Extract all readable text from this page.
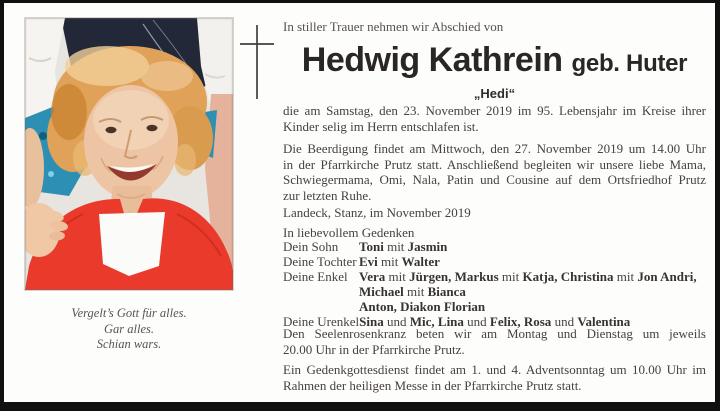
Vergelt’s Gott für alles.
Gar alles.
Schian wars.
In stiller Trauer nehmen wir Abschied von
Hedwig Kathrein geb. Huter
„Hedi“
die am Samstag, den 23. November 2019 im 95. Lebensjahr im Kreise ihrer
Kinder selig im Herrn entschlafen ist.
Die Beerdigung findet am Mittwoch, den 27. November 2019 um 14.00 Uhr
in der Pfarrkirche Prutz statt. Anschließend begleiten wir unsere liebe Mama,
Schwiegermama, Omi, Nala, Patin und Cousine auf dem Ortsfriedhof Prutz
zur letzten Ruhe.
Landeck, Stanz, im November 2019
In liebevollem Gedenken
Dein Sohn	Toni mit Jasmin
Deine Tochter Evi mit Walter
Deine Enkel Vera mit Jürgen, Markus mit Katja, Christina mit Jon Andri,
Michael mit Bianca
Anton, Diakon Florian
Deine Urenkel Sina und Mic, Lina und Felix, Rosa und Valentina
Den Seelenrosenkranz beten wir am Montag und Dienstag um jeweils
20.00 Uhr in der Pfarrkirche Prutz.
Ein Gedenkgottesdienst findet am 1. und 4. Adventsonntag um 10.00 Uhr im
Rahmen der heiligen Messe in der Pfarrkirche Prutz statt.
